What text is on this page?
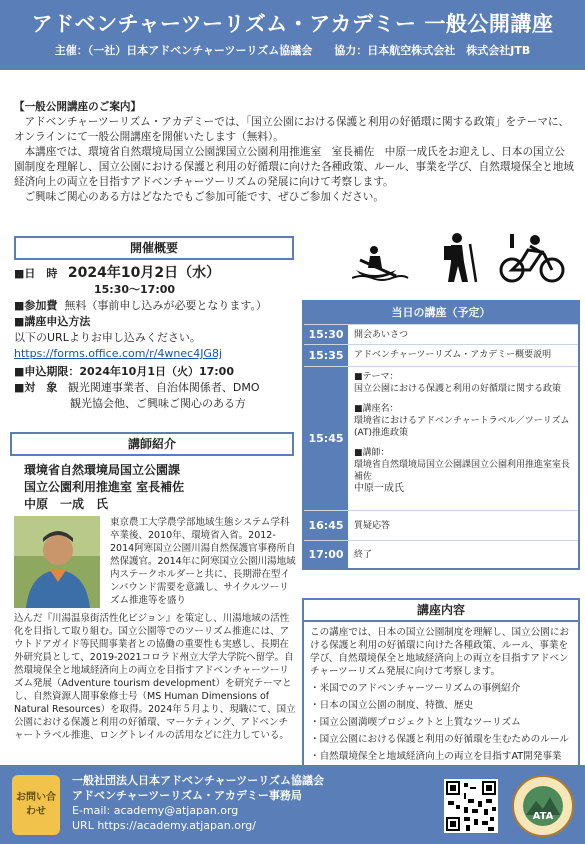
アドベンチャーツーリズム・アカデミー 一般公開講座
主催：（一社）日本アドベンチャーツーリズム協議会　　協力：日本航空株式会社　株式会社JTB
【一般公開講座のご案内】

アドベンチャーツーリズム・アカデミーでは、「国立公園における保護と利用の好循環に関する政策」をテーマに、オンラインにて一般公開講座を開催いたします（無料）。

本講座では、環境省自然環境局国立公園課国立公園利用推進室　室長補佐　中原一成氏をお迎えし、日本の国立公園制度を理解し、国立公園における保護と利用の好循環に向けた各種政策、ルール、事業を学び、自然環境保全と地域経済向上の両立を目指すアドベンチャーツーリズムの発展に向けて考察します。

ご興味ご関心のある方はどなたでもご参加可能です、ぜひご参加ください。

開催概要
■日　時 2024年10月2日（水）
15:30～17:00
■参加費 無料（事前申し込みが必要となります。）
■講座申込方法
以下のURLよりお申し込みください。
https://forms.office.com/r/4wnec4JG8j
■申込期限：2024年10月1日（火）17:00
■対　象 観光関連事業者、自治体関係者、DMO
観光協会他、ご興味ご関心のある方
当日の講座（予定）
15:30	開会あいさつ
15:35	アドベンチャーツーリズム・アカデミー概要説明
15:45
■テーマ：
国立公園における保護と利用の好循環に関する政策
■講座名：
環境省におけるアドベンチャートラベル／ツーリズム(AT)推進政策
■講師：
環境省自然環境局国立公園課国立公園利用推進室室長補佐
中原一成氏
16:45	質疑応答
17:00	終了
講師紹介
環境省自然環境局国立公園課
国立公園利用推進室 室長補佐
中原　一成　氏
東京農工大学農学部地域生態システム学科卒業後、2010年、環境省入省。2012-2014阿寒国立公園川湯自然保護官事務所自然保護官。2014年に阿寒国立公園川湯地域内ステークホルダーと共に、長期滞在型インバウンド需要を意識し、サイクルツーリズム推進等を盛り
込んだ『川湯温泉街活性化ビジョン』を策定し、川湯地域の活性化を目指して取り組む。国立公園等でのツーリズム推進には、アウトドアガイド等民間事業者との協働の重要性も実感し、長期在外研究員として、2019-2021コロラド州立大学大学院へ留学。自然環境保全と地域経済向上の両立を目指すアドベンチャーツーリズム発展（Adventure tourism development）を研究テーマとし、自然資源人間事象修士号（MS Human Dimensions of Natural Resources）を取得。2024年５月より、現職にて、国立公園における保護と利用の好循環、マーケティング、アドベンチャートラベル推進、ロングトレイルの活用などに注力している。
講座内容
この講座では、日本の国立公園制度を理解し、国立公園における保護と利用の好循環に向けた各種政策、ルール、事業を学び、自然環境保全と地域経済向上の両立を目指すアドベンチャーツーリズム発展に向けて考察します。
・米国でのアドベンチャーツーリズムの事例紹介
・日本の国立公園の制度、特徴、歴史
・国立公園満喫プロジェクトと上質なツーリズム
・国立公園における保護と利用の好循環を生むためのルール
・自然環境保全と地域経済向上の両立を目指すAT開発事業
お問い合わせ
一般社団法人日本アドベンチャーツーリズム協議会
アドベンチャーツーリズム・アカデミー事務局
E-mail: academy@atjapan.org
URL https://academy.atjapan.org/
ATA
